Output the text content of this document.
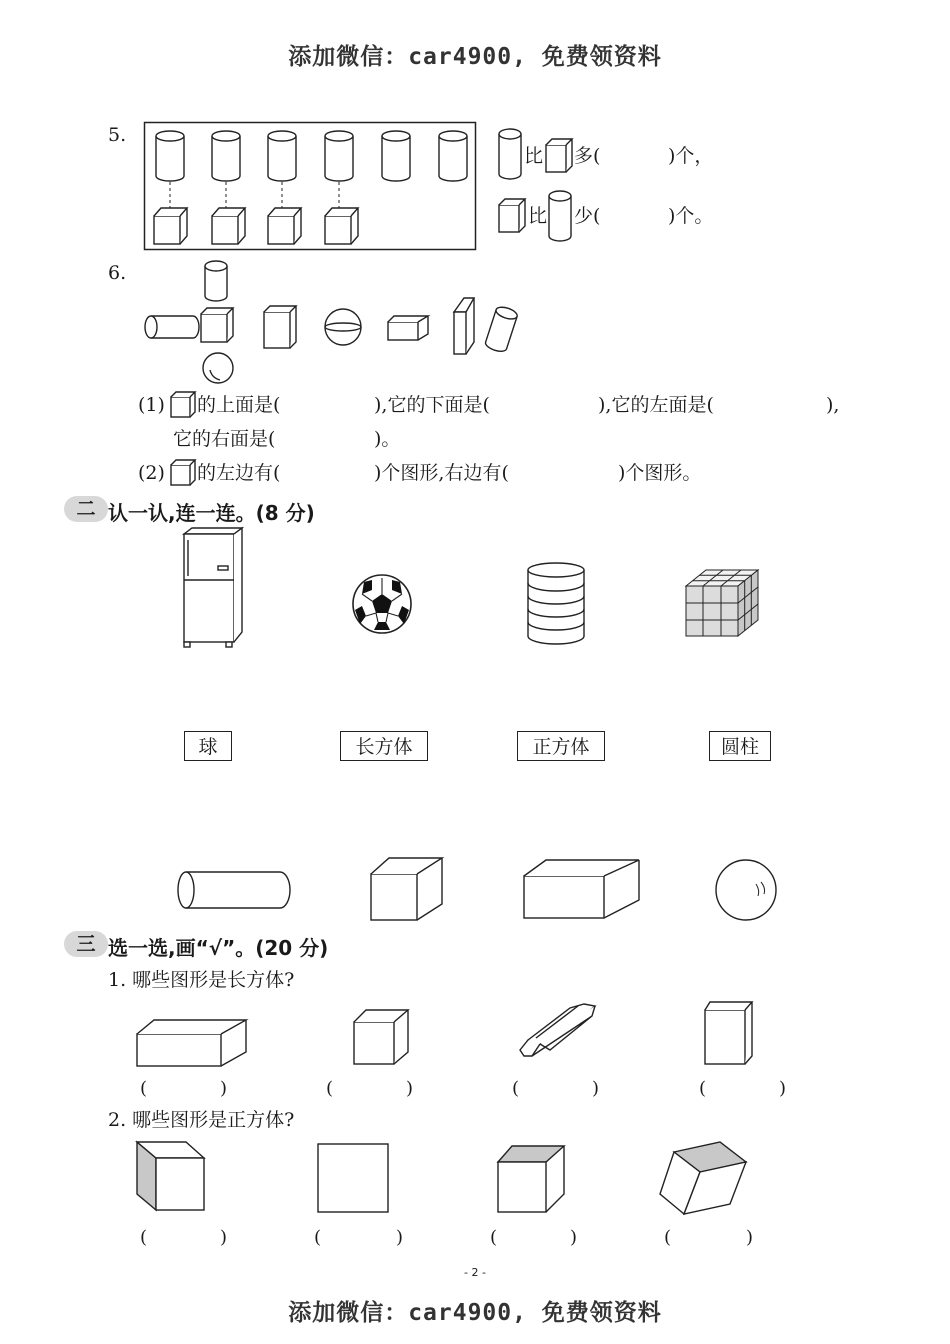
添加微信：car4900, 免费领资料
5.
比 多(	)个，
比 少(	)个。
6.
(1) 的上面是(	),它的下面是(	),它的左面是(	),
它的右面是(	)。
(2) 的左边有(	)个图形,右边有(	)个图形。
二 认一认,连一连。(8 分)
球	长方体	正方体	圆柱
三 选一选,画“√”。(20 分)
1. 哪些图形是长方体?
(	)	(	)	(	)	(	)
2. 哪些图形是正方体?
(	)	(	)	(	)	(	)
- 2 -
添加微信：car4900, 免费领资料
